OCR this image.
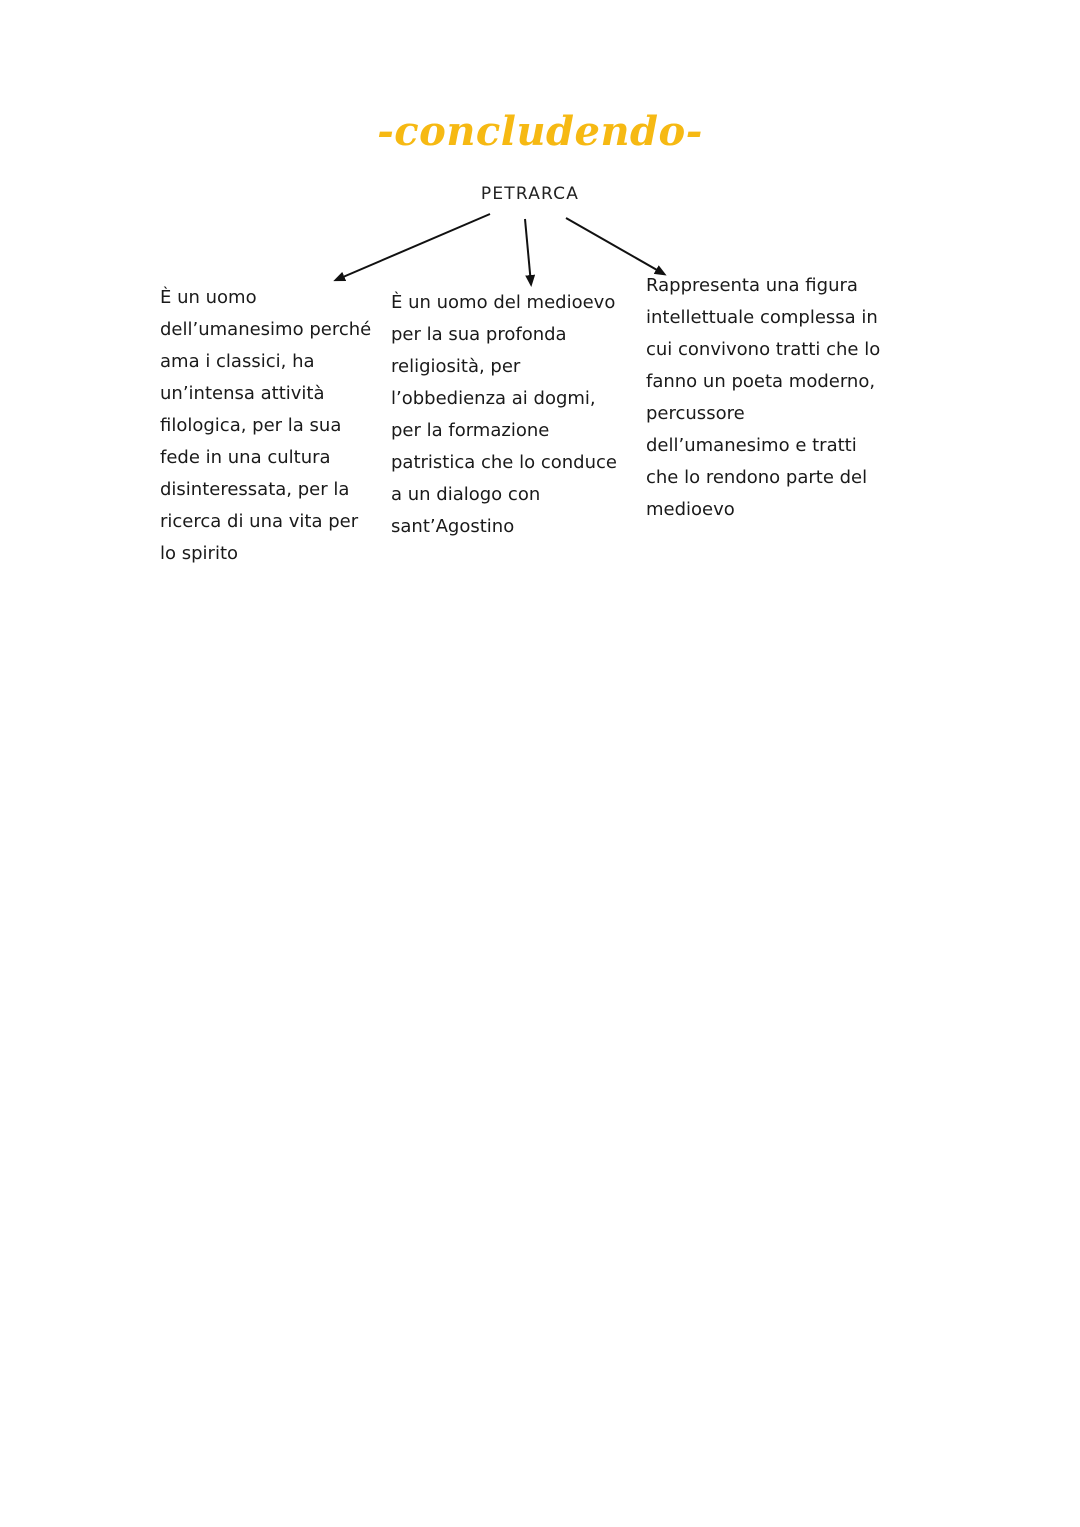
-concludendo-
PETRARCA
È un uomo dell’umanesimo perché ama i classici, ha un’intensa attività filologica, per la sua fede in una cultura disinteressata, per la ricerca di una vita per lo spirito
È un uomo del medioevo per la sua profonda religiosità, per l’obbedienza ai dogmi, per la formazione patristica che lo conduce a un dialogo con sant’Agostino
Rappresenta una figura intellettuale complessa in cui convivono tratti che lo fanno un poeta moderno, percussore dell’umanesimo e tratti che lo rendono parte del medioevo
